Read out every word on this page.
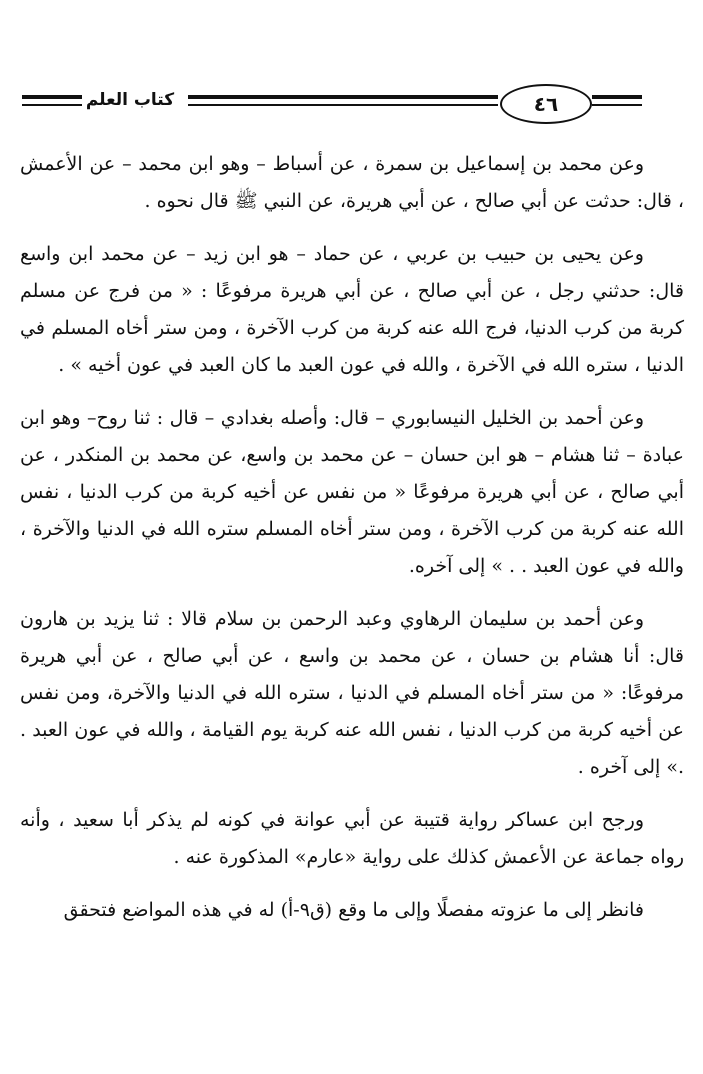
كتاب العلم	٤٦

وعن محمد بن إسماعيل بن سمرة ، عن أسباط – وهو ابن محمد – عن الأعمش ، قال: حدثت عن أبي صالح ، عن أبي هريرة، عن النبي ﷺ قال نحوه .

وعن يحيى بن حبيب بن عربي ، عن حماد – هو ابن زيد – عن محمد ابن واسع قال: حدثني رجل ، عن أبي صالح ، عن أبي هريرة مرفوعًا : « من فرج عن مسلم كربة من كرب الدنيا، فرج الله عنه كربة من كرب الآخرة ، ومن ستر أخاه المسلم في الدنيا ، ستره الله في الآخرة ، والله في عون العبد ما كان العبد في عون أخيه » .

وعن أحمد بن الخليل النيسابوري – قال: وأصله بغدادي – قال : ثنا روح– وهو ابن عبادة – ثنا هشام – هو ابن حسان – عن محمد بن واسع، عن محمد بن المنكدر ، عن أبي صالح ، عن أبي هريرة مرفوعًا « من نفس عن أخيه كربة من كرب الدنيا ، نفس الله عنه كربة من كرب الآخرة ، ومن ستر أخاه المسلم ستره الله في الدنيا والآخرة ، والله في عون العبد . . » إلى آخره.

وعن أحمد بن سليمان الرهاوي وعبد الرحمن بن سلام قالا : ثنا يزيد بن هارون قال: أنا هشام بن حسان ، عن محمد بن واسع ، عن أبي صالح ، عن أبي هريرة مرفوعًا: « من ستر أخاه المسلم في الدنيا ، ستره الله في الدنيا والآخرة، ومن نفس عن أخيه كربة من كرب الدنيا ، نفس الله عنه كربة يوم القيامة ، والله في عون العبد . .» إلى آخره .

ورجح ابن عساكر رواية قتيبة عن أبي عوانة في كونه لم يذكر أبا سعيد ، وأنه رواه جماعة عن الأعمش كذلك على رواية «عارم» المذكورة عنه .

فانظر إلى ما عزوته مفصلًا وإلى ما وقع (ق٩-أ) له في هذه المواضع فتحقق
